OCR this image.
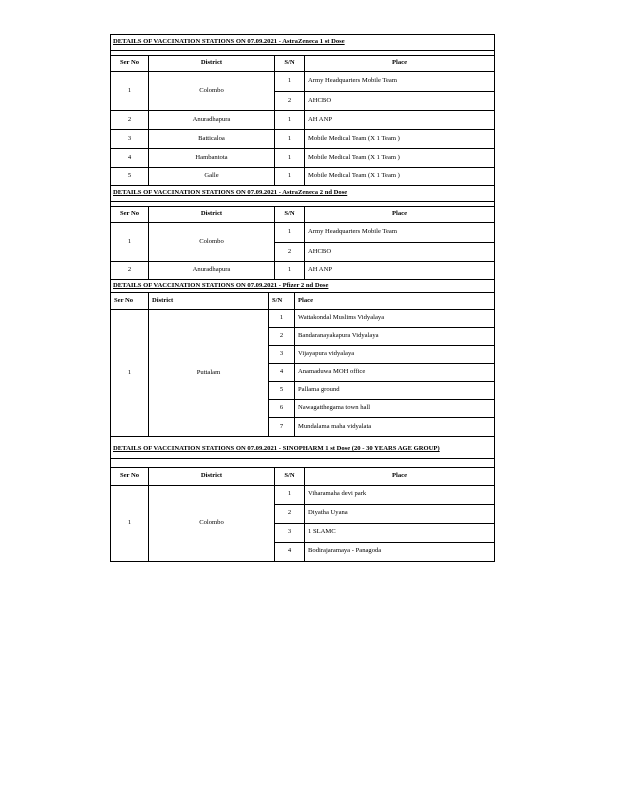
DETAILS OF VACCINATION STATIONS ON 07.09.2021 - AstraZeneca 1 st Dose			

Ser No	District	S/N	Place
1	Colombo	1	Army Headquarters Mobile Team
		2	AHCBO
2	Anuradhapura	1	AH ANP
3	Batticaloa	1	Mobile Medical Team (X 1 Team )
4	Hambantota	1	Mobile Medical Team (X 1 Team )
5	Galle	1	Mobile Medical Team (X 1 Team )
DETAILS OF VACCINATION STATIONS ON 07.09.2021 - AstraZeneca 2 nd Dose			

Ser No	District	S/N	Place
1	Colombo	1	Army Headquarters Mobile Team
		2	AHCBO
2	Anuradhapura	1	AH ANP
DETAILS OF VACCINATION STATIONS ON 07.09.2021 - Pfizer 2 nd Dose			
Ser No	District	S/N	Place
1	Puttalam	1	Wattakondal Muslims Vidyalaya
		2	Bandaranayakapura Vidyalaya
		3	Vijayapura vidyalaya
		4	Anamaduwa MOH office
		5	Pallama ground
		6	Nawagatthegama town hall
		7	Mundalama maha vidyalata

DETAILS OF VACCINATION STATIONS ON 07.09.2021 - SINOPHARM 1 st Dose (20 - 30 YEARS AGE GROUP)			

Ser No	District	S/N	Place
1	Colombo	1	Viharamaha devi park
		2	Diyatha Uyana
		3	1 SLAMC
		4	Bodirajaramaya - Panagoda
